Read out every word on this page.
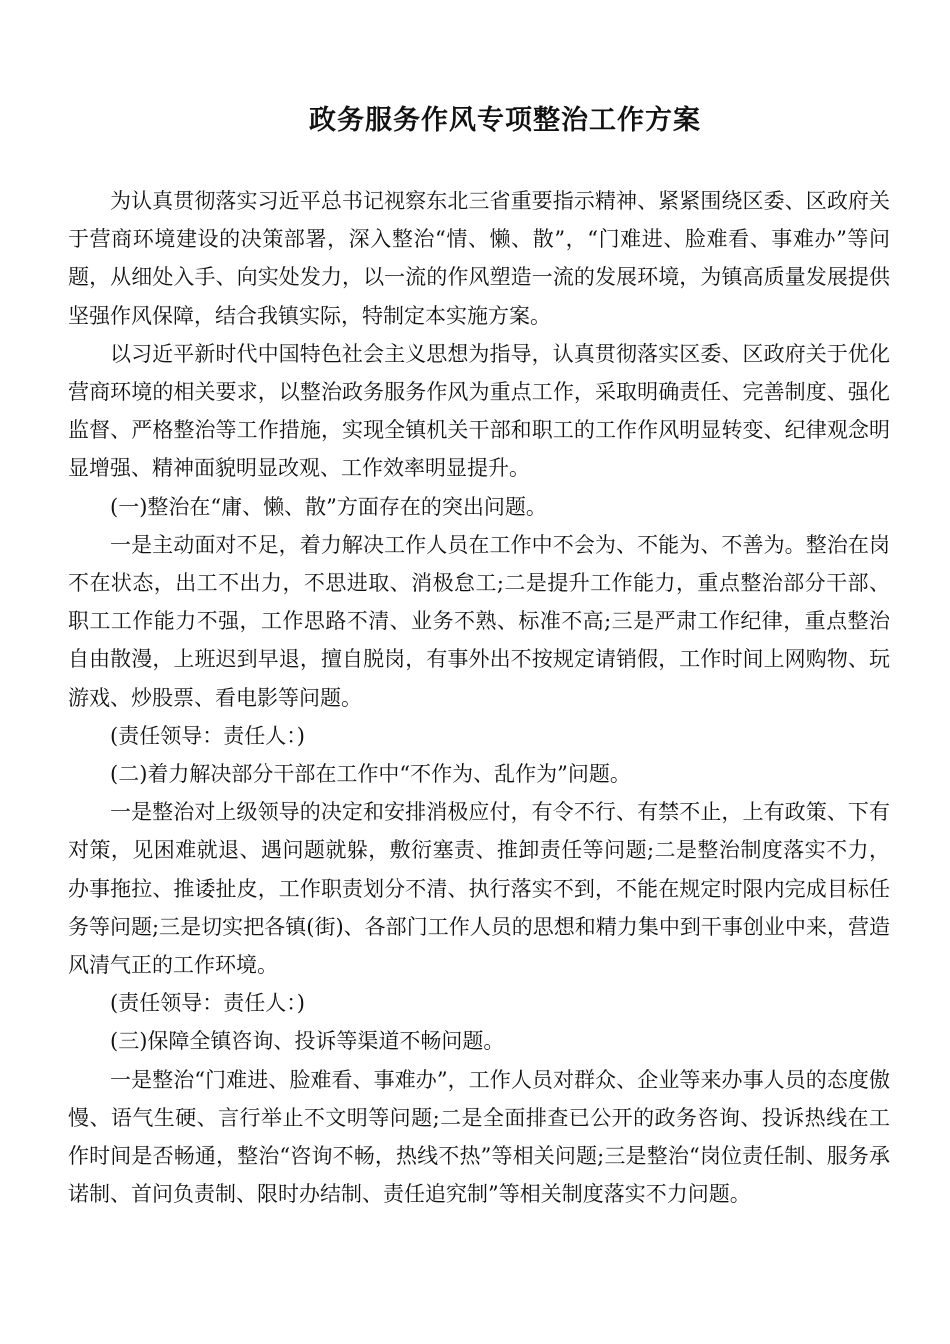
政务服务作风专项整治工作方案

为认真贯彻落实习近平总书记视察东北三省重要指示精神、紧紧围绕区委、区政府关于营商环境建设的决策部署，深入整治“情、懒、散”，“门难进、脸难看、事难办”等问题，从细处入手、向实处发力，以一流的作风塑造一流的发展环境，为镇高质量发展提供坚强作风保障，结合我镇实际，特制定本实施方案。

以习近平新时代中国特色社会主义思想为指导，认真贯彻落实区委、区政府关于优化营商环境的相关要求，以整治政务服务作风为重点工作，采取明确责任、完善制度、强化监督、严格整治等工作措施，实现全镇机关干部和职工的工作作风明显转变、纪律观念明显增强、精神面貌明显改观、工作效率明显提升。

(一)整治在“庸、懒、散”方面存在的突出问题。

一是主动面对不足，着力解决工作人员在工作中不会为、不能为、不善为。整治在岗不在状态，出工不出力，不思进取、消极怠工;二是提升工作能力，重点整治部分干部、职工工作能力不强，工作思路不清、业务不熟、标准不高;三是严肃工作纪律，重点整治自由散漫，上班迟到早退，擅自脱岗，有事外出不按规定请销假，工作时间上网购物、玩游戏、炒股票、看电影等问题。

(责任领导：责任人：)

(二)着力解决部分干部在工作中“不作为、乱作为”问题。

一是整治对上级领导的决定和安排消极应付，有令不行、有禁不止，上有政策、下有对策，见困难就退、遇问题就躲，敷衍塞责、推卸责任等问题;二是整治制度落实不力，办事拖拉、推诿扯皮，工作职责划分不清、执行落实不到，不能在规定时限内完成目标任务等问题;三是切实把各镇(街)、各部门工作人员的思想和精力集中到干事创业中来，营造风清气正的工作环境。

(责任领导：责任人：)

(三)保障全镇咨询、投诉等渠道不畅问题。

一是整治“门难进、脸难看、事难办”，工作人员对群众、企业等来办事人员的态度傲慢、语气生硬、言行举止不文明等问题;二是全面排查已公开的政务咨询、投诉热线在工作时间是否畅通，整治“咨询不畅，热线不热”等相关问题;三是整治“岗位责任制、服务承诺制、首问负责制、限时办结制、责任追究制”等相关制度落实不力问题。
